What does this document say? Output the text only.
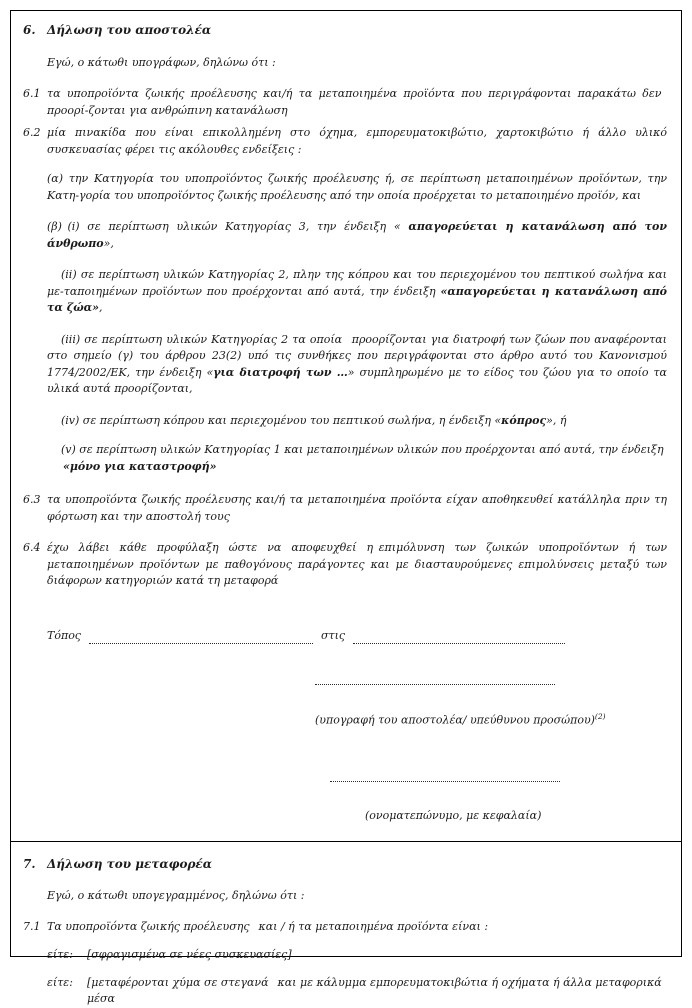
6. Δήλωση του αποστολέα
Εγώ, ο κάτωθι υπογράφων, δηλώνω ότι :
6.1 τα υποπροϊόντα ζωικής προέλευσης και/ή τα μεταποιημένα προϊόντα που περιγράφονται παρακάτω δεν  προορί-ζονται για ανθρώπινη κατανάλωση
6.2 μία πινακίδα που είναι επικολλημένη στο όχημα, εμπορευματοκιβώτιο, χαρτοκιβώτιο ή άλλο υλικό συσκευασίας φέρει τις ακόλουθες ενδείξεις :
(α) την Κατηγορία του υποπροϊόντος ζωικής προέλευσης ή, σε περίπτωση μεταποιημένων προϊόντων, την Κατη-γορία του υποπροϊόντος ζωικής προέλευσης από την οποία προέρχεται το μεταποιημένο προϊόν, και
(β) (i) σε περίπτωση υλικών Κατηγορίας 3, την ένδειξη « απαγορεύεται η κατανάλωση από τον άνθρωπο»,
(ii) σε περίπτωση υλικών Κατηγορίας 2, πλην της κόπρου και του περιεχομένου του πεπτικού σωλήνα και με-ταποιημένων προϊόντων που προέρχονται από αυτά, την ένδειξη «απαγορεύεται η κατανάλωση από τα ζώα»,
(iii) σε περίπτωση υλικών Κατηγορίας 2 τα οποία  προορίζονται για διατροφή των ζώων που αναφέρονται στο σημείο (γ) του άρθρου 23(2) υπό τις συνθήκες που περιγράφονται στο άρθρο αυτό του Κανονισμού 1774/2002/ΕΚ, την ένδειξη «για διατροφή των …» συμπληρωμένο με το είδος του ζώου για το οποίο τα υλικά αυτά προορίζονται,
(iv) σε περίπτωση κόπρου και περιεχομένου του πεπτικού σωλήνα, η ένδειξη «κόπρος», ή
(v) σε περίπτωση υλικών Κατηγορίας 1 και μεταποιημένων υλικών που προέρχονται από αυτά, την ένδειξη
«μόνο για καταστροφή»
6.3 τα υποπροϊόντα ζωικής προέλευσης και/ή τα μεταποιημένα προϊόντα είχαν αποθηκευθεί κατάλληλα πριν τη φόρτωση και την αποστολή τους
6.4 έχω λάβει κάθε προφύλαξη ώστε να αποφευχθεί η επιμόλυνση των ζωικών υποπροϊόντων ή των μεταποιημένων προϊόντων με παθογόνους παράγοντες και με διασταυρούμενες επιμολύνσεις μεταξύ των διάφορων κατηγοριών κατά τη μεταφορά
Τόπος	στις
(υπογραφή του αποστολέα/ υπεύθυνου προσώπου)$^{(2)}$
(ονοματεπώνυμο, με κεφαλαία)
7. Δήλωση του μεταφορέα
Εγώ, ο κάτωθι υπογεγραμμένος, δηλώνω ότι :
7.1 Τα υποπροϊόντα ζωικής προέλευσης  και / ή τα μεταποιημένα προϊόντα είναι :
είτε:	[σφραγισμένα σε νέες συσκευασίες]
είτε:	[μεταφέρονται χύμα σε στεγανά  και με κάλυμμα εμπορευματοκιβώτια ή οχήματα ή άλλα μεταφορικά μέσα
